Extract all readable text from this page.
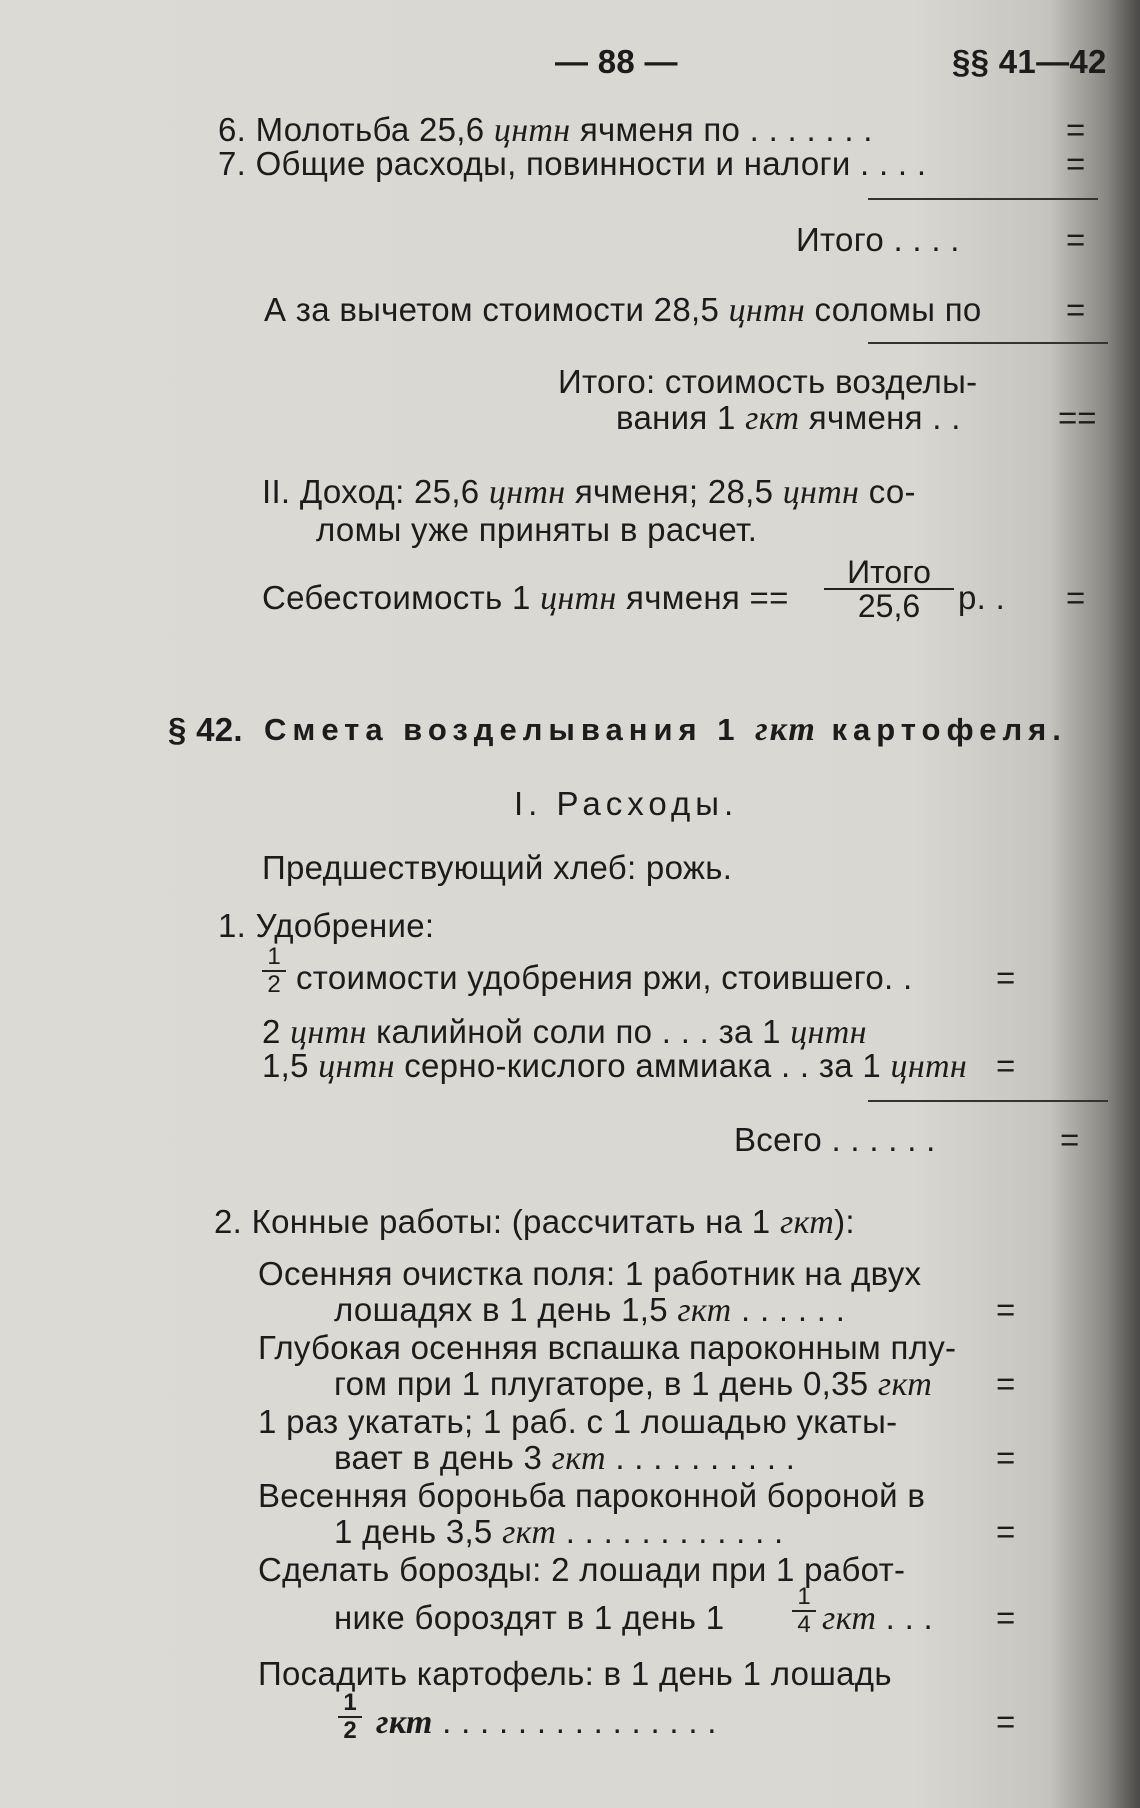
— 88 —	§§ 41—42
6. Молотьба 25,6 цнтн ячменя по . . . . . . .	=
7. Общие расходы, повинности и налоги . . . .	=
Итого . . . .	=
А за вычетом стоимости 28,5 цнтн соломы по	=
Итого: стоимость возделы-
вания 1 гкт ячменя . .	==
II. Доход: 25,6 цнтн ячменя; 28,5 цнтн со-
ломы уже приняты в расчет.
Себестоимость 1 цнтн ячменя ==
Итого
25,6	р. . =
§ 42. Смета возделывания 1 гкт картофеля.
I. Расходы.
Предшествующий хлеб: рожь.
1. Удобрение:
1
2 стоимости удобрения ржи, стоившего. .	=
2 цнтн калийной соли по . . . за 1 цнтн
1,5 цнтн серно-кислого аммиака . . за 1 цнтн =
Всего . . . . . .	=
2. Конные работы: (рассчитать на 1 гкт):
Осенняя очистка поля: 1 работник на двух
лошадях в 1 день 1,5 гкт . . . . . .	=
Глубокая осенняя вспашка пароконным плу-
гом при 1 плугаторе, в 1 день 0,35 гкт =
1 раз укатать; 1 раб. с 1 лошадью укаты-
вает в день 3 гкт . . . . . . . . . .	=
Весенняя бороньба пароконной бороной в
1 день 3,5 гкт . . . . . . . . . . . .	=
Сделать борозды: 2 лошади при 1 работ-
нике бороздят в 1 день 1
1
4 гкт . . . =
Посадить картофель: в 1 день 1 лошадь
1
2 гкт . . . . . . . . . . . . . . .	=
